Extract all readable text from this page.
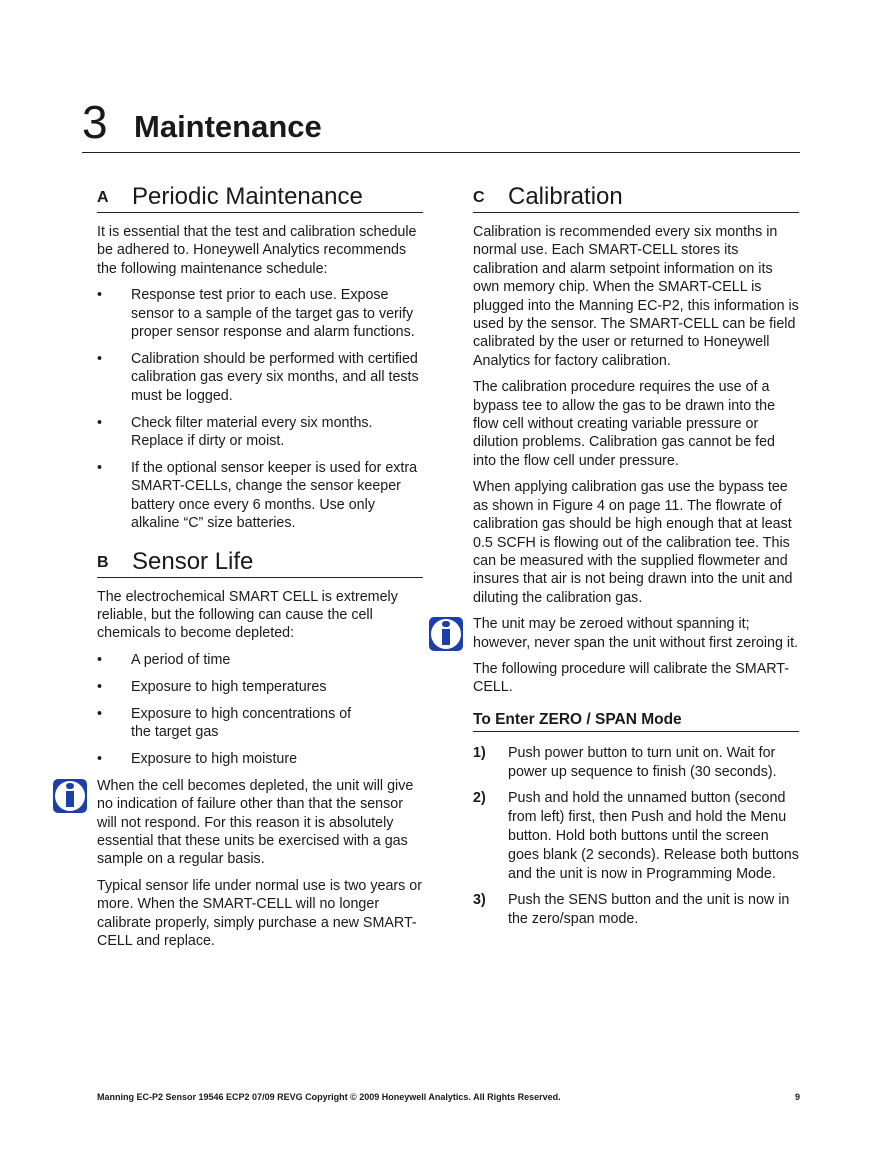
3 Maintenance
A Periodic Maintenance

It is essential that the test and calibration schedule be adhered to. Honeywell Analytics recommends the following maintenance schedule:

• Response test prior to each use. Expose sensor to a sample of the target gas to verify proper sensor response and alarm functions.
• Calibration should be performed with certified calibration gas every six months, and all tests must be logged.
• Check filter material every six months. Replace if dirty or moist.
• If the optional sensor keeper is used for extra SMART-CELLs, change the sensor keeper battery once every 6 months. Use only alkaline “C” size batteries.
B Sensor Life

The electrochemical SMART CELL is extremely reliable, but the following can cause the cell chemicals to become depleted:

• A period of time
• Exposure to high temperatures
• Exposure to high concentrations of the target gas
• Exposure to high moisture

When the cell becomes depleted, the unit will give no indication of failure other than that the sensor will not respond. For this reason it is absolutely essential that these units be exercised with a gas sample on a regular basis.

Typical sensor life under normal use is two years or more. When the SMART-CELL will no longer calibrate properly, simply purchase a new SMART-CELL and replace.

C Calibration

Calibration is recommended every six months in normal use. Each SMART-CELL stores its calibration and alarm setpoint information on its own memory chip. When the SMART-CELL is plugged into the Manning EC-P2, this information is used by the sensor. The SMART-CELL can be field calibrated by the user or returned to Honeywell Analytics for factory calibration.

The calibration procedure requires the use of a bypass tee to allow the gas to be drawn into the flow cell without creating variable pressure or dilution problems. Calibration gas cannot be fed into the flow cell under pressure.

When applying calibration gas use the bypass tee as shown in Figure 4 on page 11. The flowrate of calibration gas should be high enough that at least 0.5 SCFH is flowing out of the calibration tee. This can be measured with the supplied flowmeter and insures that air is not being drawn into the unit and diluting the calibration gas.

The unit may be zeroed without spanning it; however, never span the unit without first zeroing it.

The following procedure will calibrate the SMART-CELL.

To Enter ZERO / SPAN Mode
1) Push power button to turn unit on. Wait for power up sequence to finish (30 seconds).
2) Push and hold the unnamed button (second from left) first, then Push and hold the Menu button. Hold both buttons until the screen goes blank (2 seconds). Release both buttons and the unit is now in Programming Mode.
3) Push the SENS button and the unit is now in the zero/span mode.
Manning EC-P2 Sensor 19546 ECP2 07/09 REVG Copyright © 2009 Honeywell Analytics. All Rights Reserved.	9
